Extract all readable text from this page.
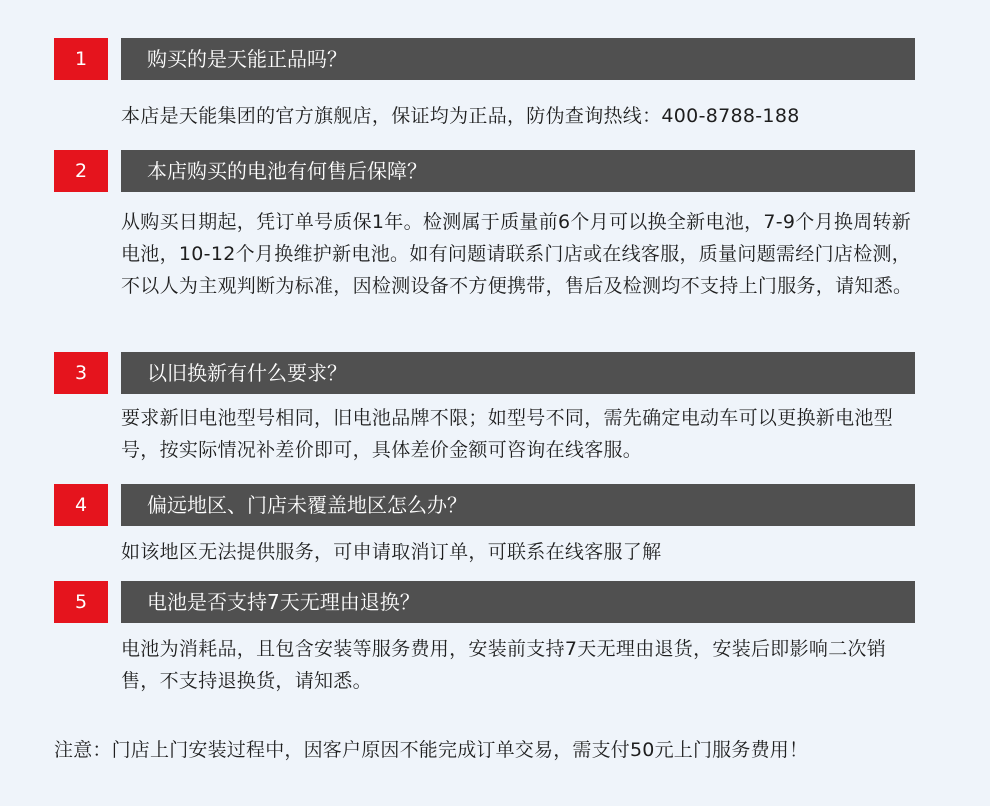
1	购买的是天能正品吗？
本店是天能集团的官方旗舰店，保证均为正品，防伪查询热线：400-8788-188
2	本店购买的电池有何售后保障？
从购买日期起，凭订单号质保1年。检测属于质量前6个月可以换全新电池，7-9个月换周转新电池，10-12个月换维护新电池。如有问题请联系门店或在线客服，质量问题需经门店检测，不以人为主观判断为标准，因检测设备不方便携带，售后及检测均不支持上门服务，请知悉。
3	以旧换新有什么要求？
要求新旧电池型号相同，旧电池品牌不限；如型号不同，需先确定电动车可以更换新电池型号，按实际情况补差价即可，具体差价金额可咨询在线客服。
4	偏远地区、门店未覆盖地区怎么办？
如该地区无法提供服务，可申请取消订单，可联系在线客服了解
5	电池是否支持7天无理由退换？
电池为消耗品，且包含安装等服务费用，安装前支持7天无理由退货，安装后即影响二次销售，不支持退换货，请知悉。
注意：门店上门安装过程中，因客户原因不能完成订单交易，需支付50元上门服务费用！
